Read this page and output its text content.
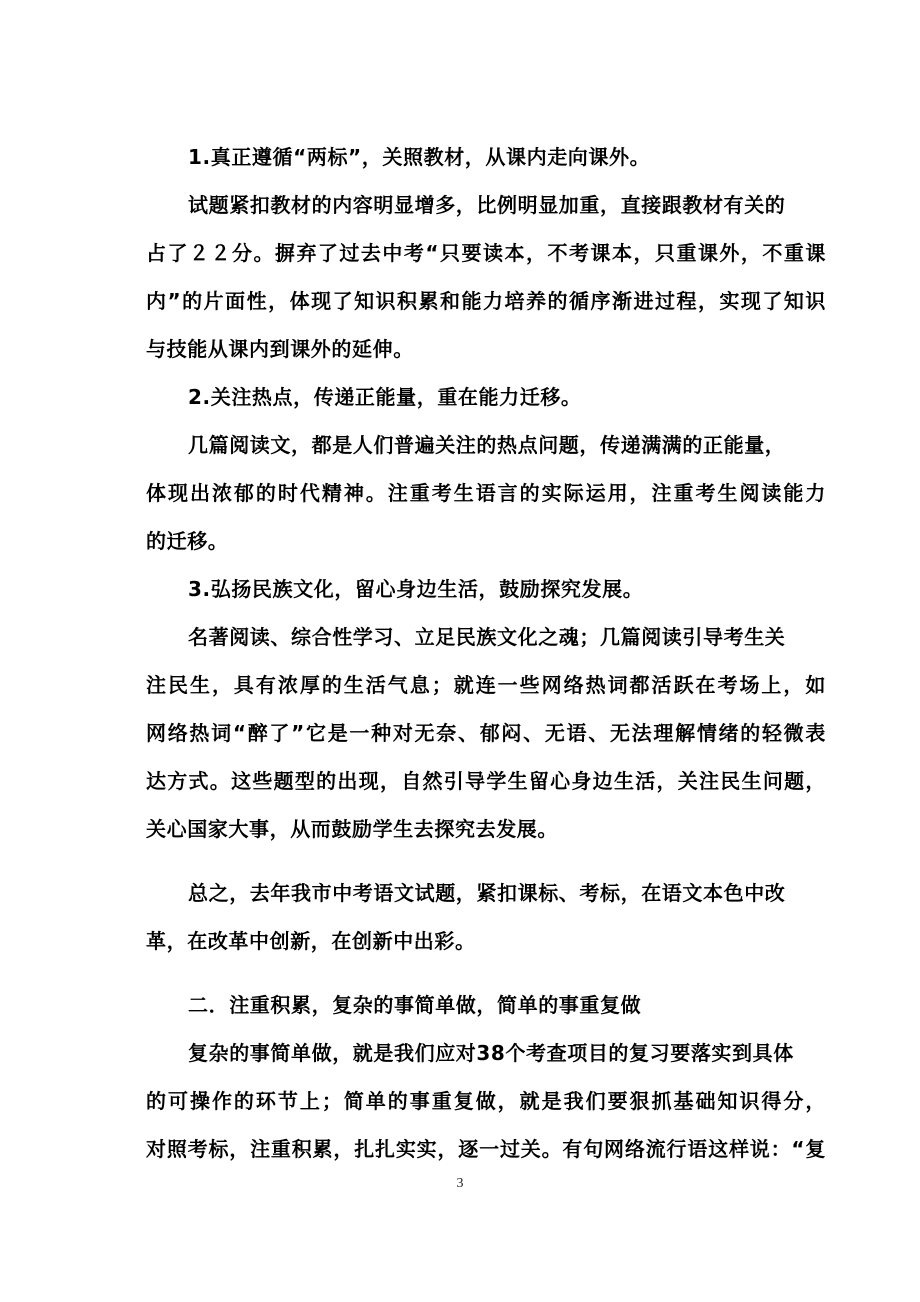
1.真正遵循“两标”，关照教材，从课内走向课外。
试题紧扣教材的内容明显增多，比例明显加重，直接跟教材有关的
占了２２分。摒弃了过去中考“只要读本，不考课本，只重课外，不重课
内”的片面性，体现了知识积累和能力培养的循序渐进过程，实现了知识
与技能从课内到课外的延伸。
2.关注热点，传递正能量，重在能力迁移。
几篇阅读文，都是人们普遍关注的热点问题，传递满满的正能量，
体现出浓郁的时代精神。注重考生语言的实际运用，注重考生阅读能力
的迁移。
3.弘扬民族文化，留心身边生活，鼓励探究发展。
名著阅读、综合性学习、立足民族文化之魂；几篇阅读引导考生关
注民生，具有浓厚的生活气息；就连一些网络热词都活跃在考场上，如
网络热词“醉了”它是一种对无奈、郁闷、无语、无法理解情绪的轻微表
达方式。这些题型的出现，自然引导学生留心身边生活，关注民生问题，
关心国家大事，从而鼓励学生去探究去发展。
总之，去年我市中考语文试题，紧扣课标、考标，在语文本色中改
革，在改革中创新，在创新中出彩。
二．注重积累，复杂的事简单做，简单的事重复做
复杂的事简单做，就是我们应对38个考查项目的复习要落实到具体
的可操作的环节上；简单的事重复做，就是我们要狠抓基础知识得分，
对照考标，注重积累，扎扎实实，逐一过关。有句网络流行语这样说：“复
3
